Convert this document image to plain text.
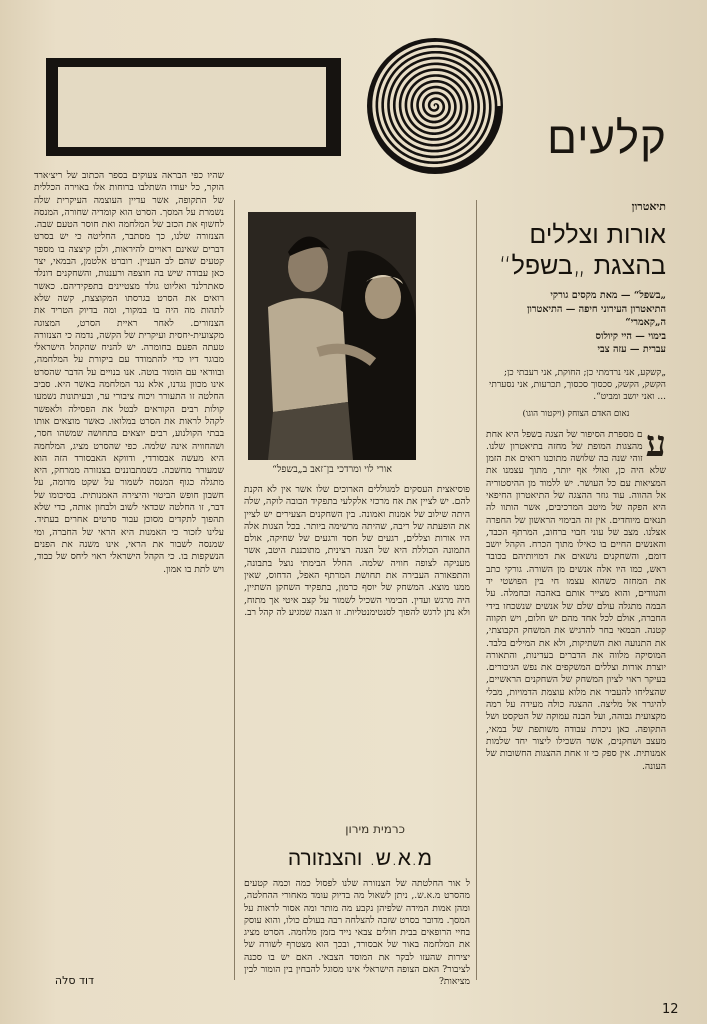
קלעים
תיאטרון
אורות וצללים
בהצגת „בשפל“
„בשפל“ — מאת מקסים גורקי
התיאטרון העירוני חיפה — התיאטרון ה„קאמרי“
בימוי — היי קיולוס
עברית — עזה צבי
„קשקע, אני נרדמתי כן; החוקת, אני רעבתי כן; הקשק, הקשק, סכסוך סכסוך, תכרעות, אני נסערתי ... ואני יושב ומביט“.
נאום האדם הצוחק (ויקטור הוגו)
ע
ם מספרת הסיפור של הצגה בשפל היא אחת מהצגות המופת של מחזה בתיאטרון שלנו. זוהי שנה בה שלושה מתוכנו רואים את הזמן שלא היה כן, ואולי אף יותר, מתוך עצמנו את המציאות עם כל העושר. יש ללמוד מן ההיסטוריה אל ההווה. עוד גוזר ההצגה של התיאטרון החיפאי היא הפקה של מיטב המרכיבים, אשר הותוו לה תנאים מיוחדים. אין זה הבימוי הראשון של החפרה אצלנו. מצב של עוני חבוי ברחוב, המרתף הכבד, והאנשים החיים בו כאילו מתוך הכרח. הקהל יושב דומם, והשחקנים נושאים את דמויותיהם בכובד ראש, כמו היו אלה אנשים מן השורה. גורקי כתב את המחזה כשהוא עצמו חי בין הפושטי יד והנוודים, והוא מצייר אותם באהבה ובחמלה. על הבמה מתגלה עולם שלם של אנשים שנשכחו בידי החברה, אולם לכל אחד מהם יש חלום, ויש תקווה קטנה. הבמאי בחר להדגיש את המשחק הקבוצתי, את התנועה ואת השתיקות, ולא את המילים בלבד. המוסיקה מלווה את הדברים בעדינות, והתאורה יוצרת אורות וצללים המשקפים את נפש הגיבורים. בעיקר ראוי לציון המשחק של השחקנים הראשיים, שהצליחו להעביר את מלוא עוצמת הדמויות, מבלי להיגרר אל מליצה. ההצגה כולה מעידה על רמה מקצועית גבוהה, ועל הבנה עמוקה של הטקסט ושל התקופה. כאן ניכרת עבודה משותפת של במאי, מעצב ושחקנים, אשר השכילו ליצור יחד שלמות אמנותית. אין ספק כי זו אחת ההצגות החשובות של העונה.
אורי לוי ומרדכי בן־זאב ב„בשפל“
פוסיאצית העסקים למגוללים הארוכים שלו אשר אין לא הקנת להם. יש לציין את אח מרכזי אלקלעי בתפקיד הבובה לוקה, שלה היתה שילוב של אמנות ואמונה. בין השחקנים הצעירים יש לציין את הופעתה של ריבה, שהיתה מרשימה ביותר. בכל הצגות אלה היו אורות וצללים, רגעים של חסד ורגעים של שחיקה, אולם התמונה הכוללת היא של הצגה רצינית, מתוכננת היטב, אשר מעניקה לצופה חוויה שלמה. החלל הבימתי נוצל בתבונה, והתפאורה העבירה את תחושת המרתף האפל, הדחוס, שאין ממנו מוצא. המשחק של יוסף כרמון, בתפקיד השחקן השתיין, היה מרגש ועדין. הבימוי השכיל לשמור על קצב איטי אך מתוח, ולא נתן לרגש להפוך לסנטימנטליות. זו הצגה שמגיע לה קהל רב.
כרמית מירון
מ.א.ש. והצנזורה
ל אור החלטתה של הצנזורה שלנו לפסול כמה וכמה קטעים מהסרט מ.א.ש., ניתן לשאול מה בדיוק עומד מאחורי ההחלטה, ומהן אמות המידה שלפיהן נקבע מה מותר ומה אסור לראות על המסך. מדובר בסרט שזכה להצלחה רבה בעולם כולו, והוא עוסק בחיי הרופאים בבית חולים צבאי נייד בזמן מלחמה. הסרט מציג את המלחמה באור של אבסורד, ובכך הוא מצטרף לשורה של יצירות שהעזו לבקר את המוסד הצבאי. האם יש בו סכנה לציבור? האם הצופה הישראלי אינו מסוגל להבחין בין הומור לבין מציאות?
שהיו כפי הבראה צעוקים בספר הכתוב של ריצ׳ארד הוקר, כל יעודו השתלבו ברוחות אלו באוירה הכללית של התקופה, אשר עדיין העוצמה העיקרית שלה נשמרת על המסך. הסרט הוא קומדיה שחורה, המנסה לחשוף את הכזב של המלחמה ואת חוסר הטעם שבה. הצנזורה שלנו, כך מסתבר, החליטה כי יש בסרט דברים שאינם ראויים להיראות, ולכן קיצצה בו מספר קטעים שהם לב העניין. רוברט אלטמן, הבמאי, יצר כאן עבודה שיש בה חוצפה ורעננות, והשחקנים דונלד סאתרלנד ואליוט גולד מצטיינים בתפקידיהם. כאשר רואים את הסרט בגרסתו המקוצצת, קשה שלא לתהות מה היה בו במקור, ומה בדיוק הטריד את הצנזורים. לאחר ראיית הסרט, המצוגה מקצועית-יחסית ועיקרית של הקשה, נדמה כי הצנזורה טעתה הפעם בחומרה. יש להניח שהקהל הישראלי מבוגר דיו כדי להתמודד עם ביקורת על המלחמה, ובוודאי עם הומור בוטה. אנו בנויים על הדבר שהסרט אינו מכוון נגדנו, אלא נגד המלחמה באשר היא. סביב החלטה זו התעורר ויכוח ציבורי ער, ובעיתונות נשמעו קולות רבים הקוראים לבטל את הפסילה ולאפשר לקהל לראות את הסרט במלואו. כאשר מוצאים אותו בבתי הקולנוע, רבים יוצאים בתחושה שמשהו חסר, ושהחוויה אינה שלמה. כפי שהסרט מציג, המלחמה היא מעשה אבסורדי, ודווקא האבסורד הזה הוא שמעורר מחשבה. כשמתבוננים בצנזורה ממרחק, היא מתגלה כגוף המנסה לשמור על שקט מדומה, על חשבון חופש הביטוי והיצירה האמנותית. בסיכומו של דבר, זו החלטה שכדאי לשוב ולבחון אותה, כדי שלא תהפוך לתקדים מסוכן עבור סרטים אחרים בעתיד. עלינו לזכור כי האמנות היא הראי של החברה, ומי שמנסה לשבור את הראי, אינו משנה את הפנים הנשקפות בו. כי הקהל הישראלי ראוי ליחס של כבוד, ויש לתת בו אמון.
דוד סלה
12
